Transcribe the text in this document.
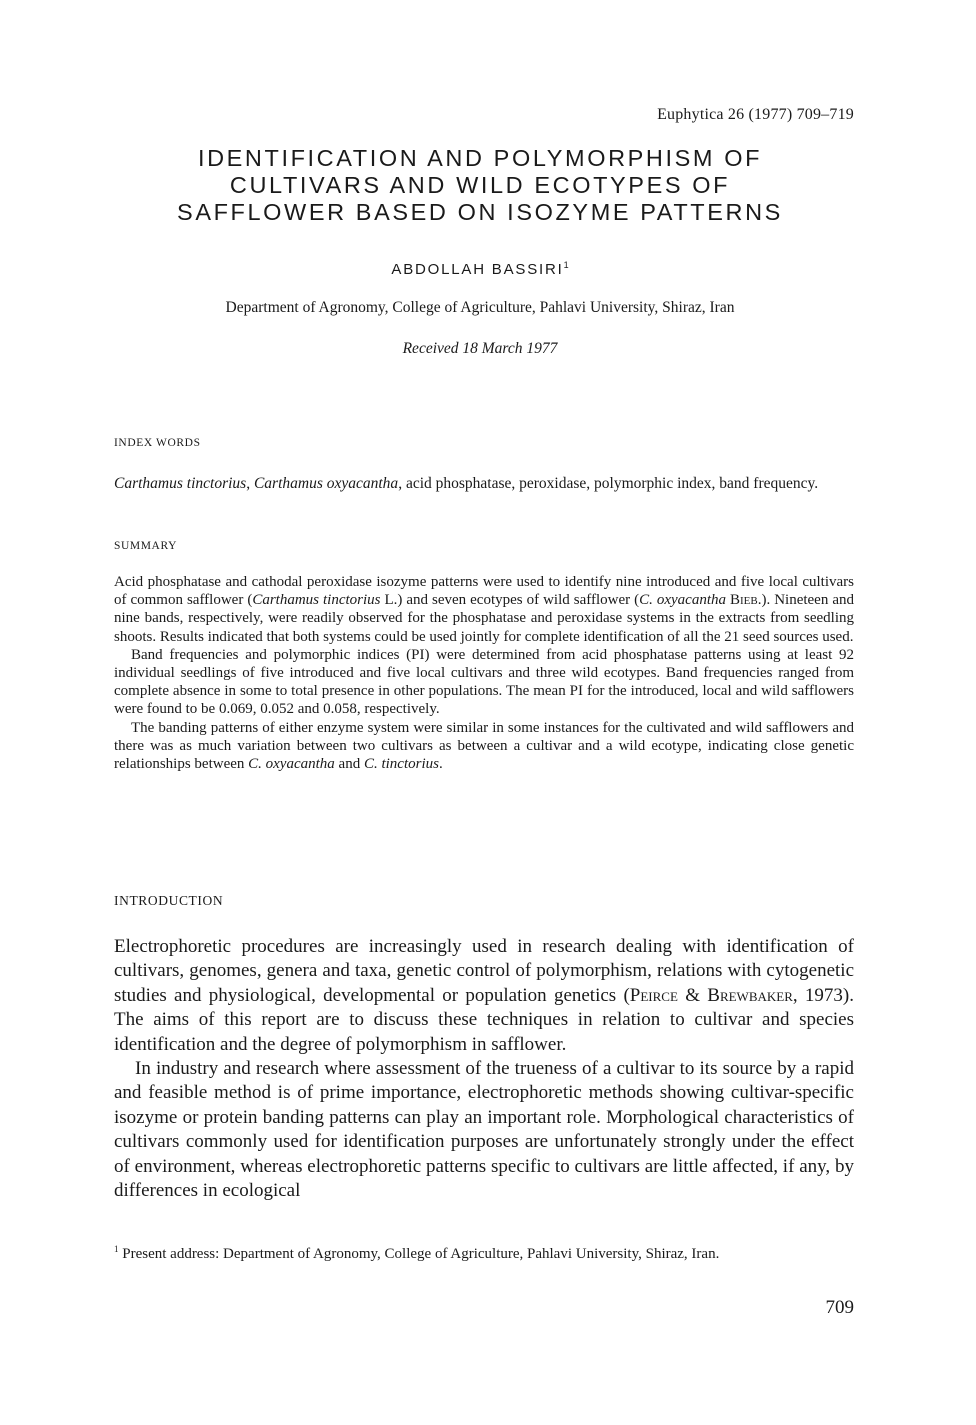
Euphytica 26 (1977) 709–719
IDENTIFICATION AND POLYMORPHISM OF
CULTIVARS AND WILD ECOTYPES OF
SAFFLOWER BASED ON ISOZYME PATTERNS
ABDOLLAH BASSIRI$^1$
Department of Agronomy, College of Agriculture, Pahlavi University, Shiraz, Iran
Received 18 March 1977
INDEX WORDS

Carthamus tinctorius, Carthamus oxyacantha, acid phosphatase, peroxidase, polymorphic index, band frequency.

SUMMARY

Acid phosphatase and cathodal peroxidase isozyme patterns were used to identify nine introduced and five local cultivars of common safflower (Carthamus tinctorius L.) and seven ecotypes of wild safflower (C. oxyacantha Bieb.). Nineteen and nine bands, respectively, were readily observed for the phosphatase and peroxidase systems in the extracts from seedling shoots. Results indicated that both systems could be used jointly for complete identification of all the 21 seed sources used.

Band frequencies and polymorphic indices (PI) were determined from acid phosphatase patterns using at least 92 individual seedlings of five introduced and five local cultivars and three wild ecotypes. Band frequencies ranged from complete absence in some to total presence in other populations. The mean PI for the introduced, local and wild safflowers were found to be 0.069, 0.052 and 0.058, respectively.

The banding patterns of either enzyme system were similar in some instances for the cultivated and wild safflowers and there was as much variation between two cultivars as between a cultivar and a wild ecotype, indicating close genetic relationships between C. oxyacantha and C. tinctorius.

INTRODUCTION

Electrophoretic procedures are increasingly used in research dealing with identification of cultivars, genomes, genera and taxa, genetic control of polymorphism, relations with cytogenetic studies and physiological, developmental or population genetics (Peirce & Brewbaker, 1973). The aims of this report are to discuss these techniques in relation to cultivar and species identification and the degree of polymorphism in safflower.

In industry and research where assessment of the trueness of a cultivar to its source by a rapid and feasible method is of prime importance, electrophoretic methods showing cultivar-specific isozyme or protein banding patterns can play an important role. Morphological characteristics of cultivars commonly used for identification purposes are unfortunately strongly under the effect of environment, whereas electrophoretic patterns specific to cultivars are little affected, if any, by differences in ecological

$^1$ Present address: Department of Agronomy, College of Agriculture, Pahlavi University, Shiraz, Iran.

709
